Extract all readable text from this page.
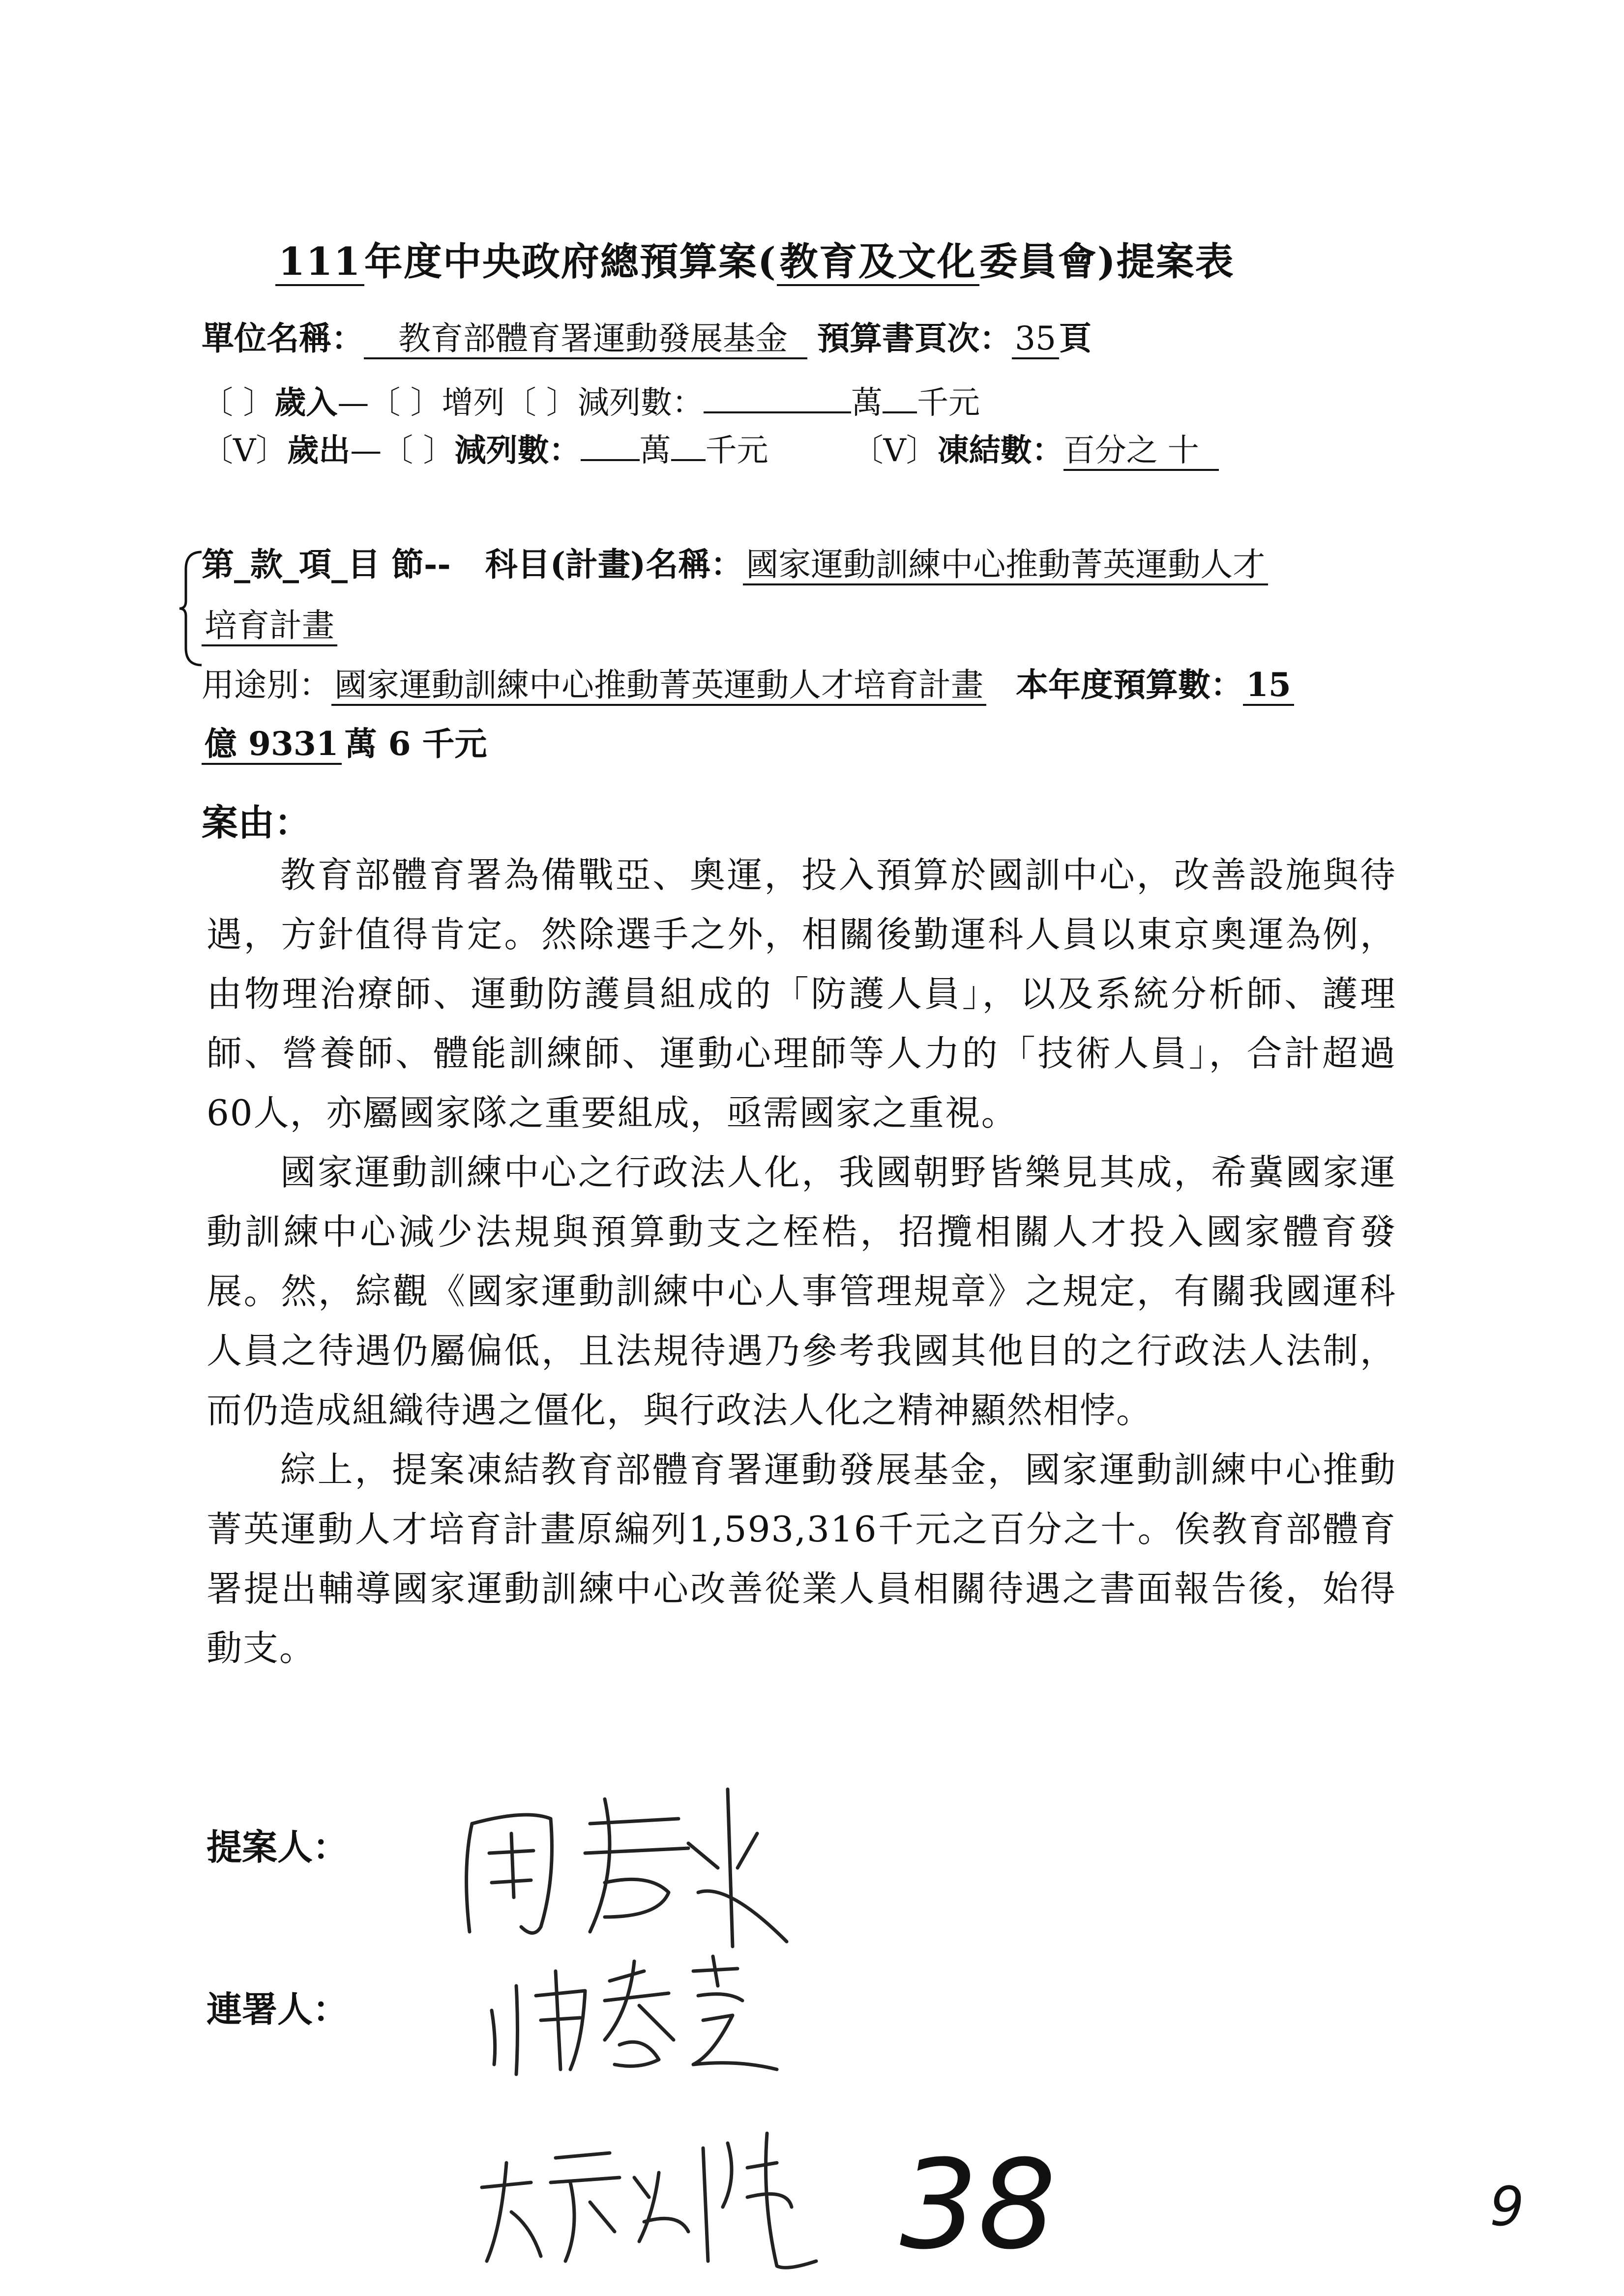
111年度中央政府總預算案(教育及文化委員會)提案表
單位名稱： 教育部體育署運動發展基金 預算書頁次：35頁
〔 〕歲入—〔 〕增列〔 〕減列數：	萬 千元
〔V〕歲出—〔 〕減列數： 萬 千元	〔V〕凍結數：百分之 十
第_款_項_目 節-- 科目(計畫)名稱：國家運動訓練中心推動菁英運動人才
培育計畫
用途別：國家運動訓練中心推動菁英運動人才培育計畫 本年度預算數：15
億 9331 萬 6 千元
案由：

教育部體育署為備戰亞、奧運，投入預算於國訓中心，改善設施與待遇，方針值得肯定。然除選手之外，相關後勤運科人員以東京奧運為例，由物理治療師、運動防護員組成的「防護人員」，以及系統分析師、護理師、營養師、體能訓練師、運動心理師等人力的「技術人員」，合計超過60人，亦屬國家隊之重要組成，亟需國家之重視。

國家運動訓練中心之行政法人化，我國朝野皆樂見其成，希冀國家運動訓練中心減少法規與預算動支之桎梏，招攬相關人才投入國家體育發展。然，綜觀《國家運動訓練中心人事管理規章》之規定，有關我國運科人員之待遇仍屬偏低，且法規待遇乃參考我國其他目的之行政法人法制，而仍造成組織待遇之僵化，與行政法人化之精神顯然相悖。

綜上，提案凍結教育部體育署運動發展基金，國家運動訓練中心推動菁英運動人才培育計畫原編列1,593,316千元之百分之十。俟教育部體育署提出輔導國家運動訓練中心改善從業人員相關待遇之書面報告後，始得動支。

提案人：
連署人：
38	9
